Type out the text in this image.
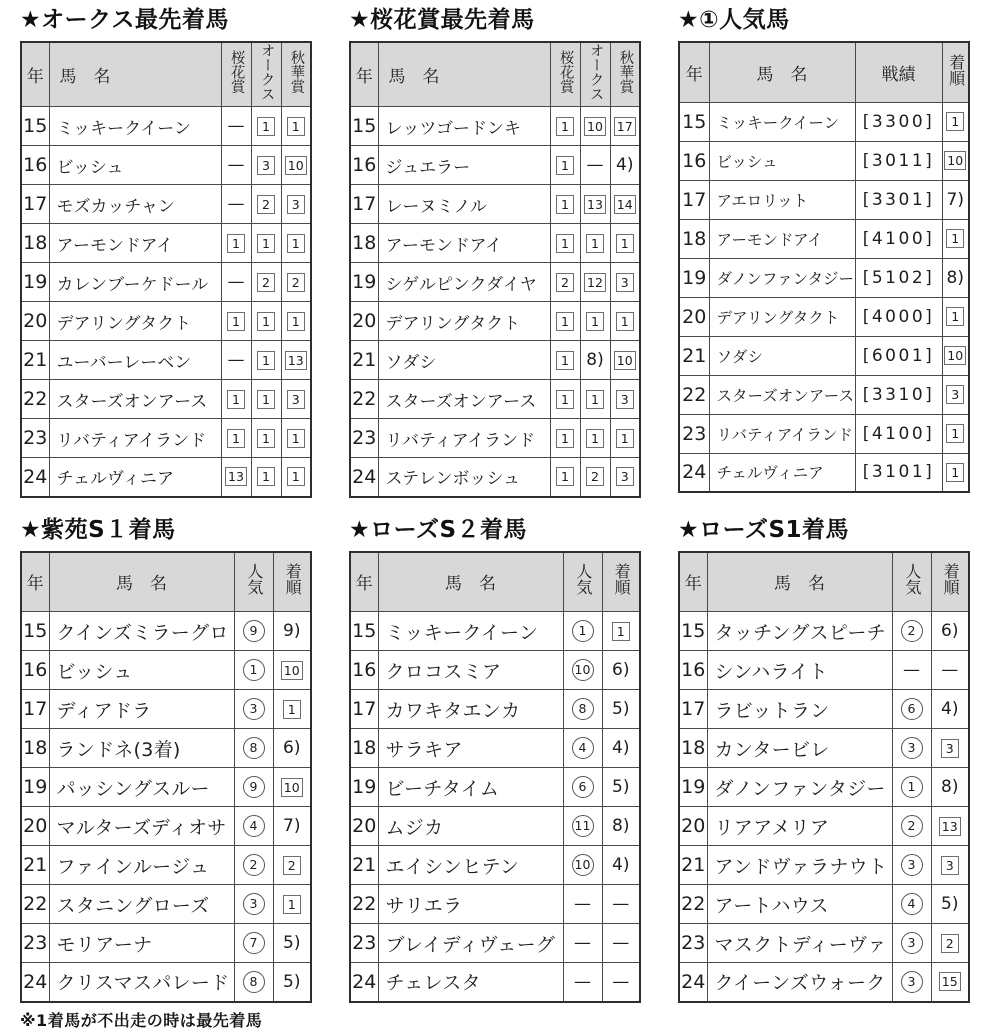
★オークス最先着馬
年	馬　名	桜花賞	オークス	秋華賞
15	ミッキークイーン	—	1	1
16	ビッシュ	—	3	10
17	モズカッチャン	—	2	3
18	アーモンドアイ	1	1	1
19	カレンブーケドール	—	2	2
20	デアリングタクト	1	1	1
21	ユーバーレーベン	—	1	13
22	スターズオンアース	1	1	3
23	リバティアイランド	1	1	1
24	チェルヴィニア	13	1	1
★桜花賞最先着馬
年	馬　名	桜花賞	オークス	秋華賞
15	レッツゴードンキ	1	10	17
16	ジュエラー	1	—	4)
17	レーヌミノル	1	13	14
18	アーモンドアイ	1	1	1
19	シゲルピンクダイヤ	2	12	3
20	デアリングタクト	1	1	1
21	ソダシ	1	8)	10
22	スターズオンアース	1	1	3
23	リバティアイランド	1	1	1
24	ステレンボッシュ	1	2	3
★①人気馬
年	馬　名	戦績	着順
15	ミッキークイーン	[3300]	1
16	ビッシュ	[3011]	10
17	アエロリット	[3301]	7)
18	アーモンドアイ	[4100]	1
19	ダノンファンタジー	[5102]	8)
20	デアリングタクト	[4000]	1
21	ソダシ	[6001]	10
22	スターズオンアース	[3310]	3
23	リバティアイランド	[4100]	1
24	チェルヴィニア	[3101]	1
★紫苑S１着馬
年	馬　名	人気	着順
15	クインズミラーグロ	9	9)
16	ビッシュ	1	10
17	ディアドラ	3	1
18	ランドネ(3着)	8	6)
19	パッシングスルー	9	10
20	マルターズディオサ	4	7)
21	ファインルージュ	2	2
22	スタニングローズ	3	1
23	モリアーナ	7	5)
24	クリスマスパレード	8	5)
★ローズS２着馬
年	馬　名	人気	着順
15	ミッキークイーン	1	1
16	クロコスミア	10	6)
17	カワキタエンカ	8	5)
18	サラキア	4	4)
19	ビーチタイム	6	5)
20	ムジカ	11	8)
21	エイシンヒテン	10	4)
22	サリエラ	—	—
23	ブレイディヴェーグ	—	—
24	チェレスタ	—	—
★ローズS1着馬
年	馬　名	人気	着順
15	タッチングスピーチ	2	6)
16	シンハライト	—	—
17	ラビットラン	6	4)
18	カンタービレ	3	3
19	ダノンファンタジー	1	8)
20	リアアメリア	2	13
21	アンドヴァラナウト	3	3
22	アートハウス	4	5)
23	マスクトディーヴァ	3	2
24	クイーンズウォーク	3	15
※1着馬が不出走の時は最先着馬
